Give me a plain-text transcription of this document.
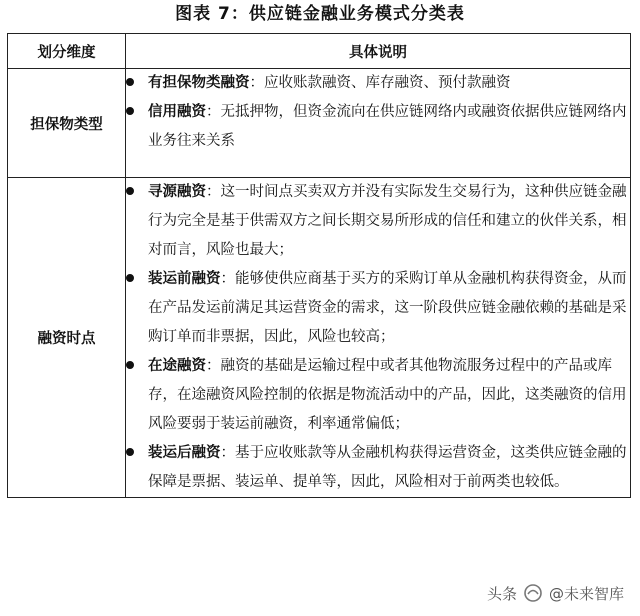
图表 7：供应链金融业务模式分类表
划分维度	具体说明
担保物类型	有担保物类融资：应收账款融资、库存融资、预付款融资
信用融资：无抵押物，但资金流向在供应链网络内或融资依据供应链网络内业务往来关系

融资时点	寻源融资：这一时间点买卖双方并没有实际发生交易行为，这种供应链金融行为完全是基于供需双方之间长期交易所形成的信任和建立的伙伴关系，相对而言，风险也最大；
装运前融资：能够使供应商基于买方的采购订单从金融机构获得资金，从而在产品发运前满足其运营资金的需求，这一阶段供应链金融依赖的基础是采购订单而非票据，因此，风险也较高；
在途融资：融资的基础是运输过程中或者其他物流服务过程中的产品或库存，在途融资风险控制的依据是物流活动中的产品，因此，这类融资的信用风险要弱于装运前融资，利率通常偏低；
装运后融资：基于应收账款等从金融机构获得运营资金，这类供应链金融的保障是票据、装运单、提单等，因此，风险相对于前两类也较低。
头条 @未来智库
